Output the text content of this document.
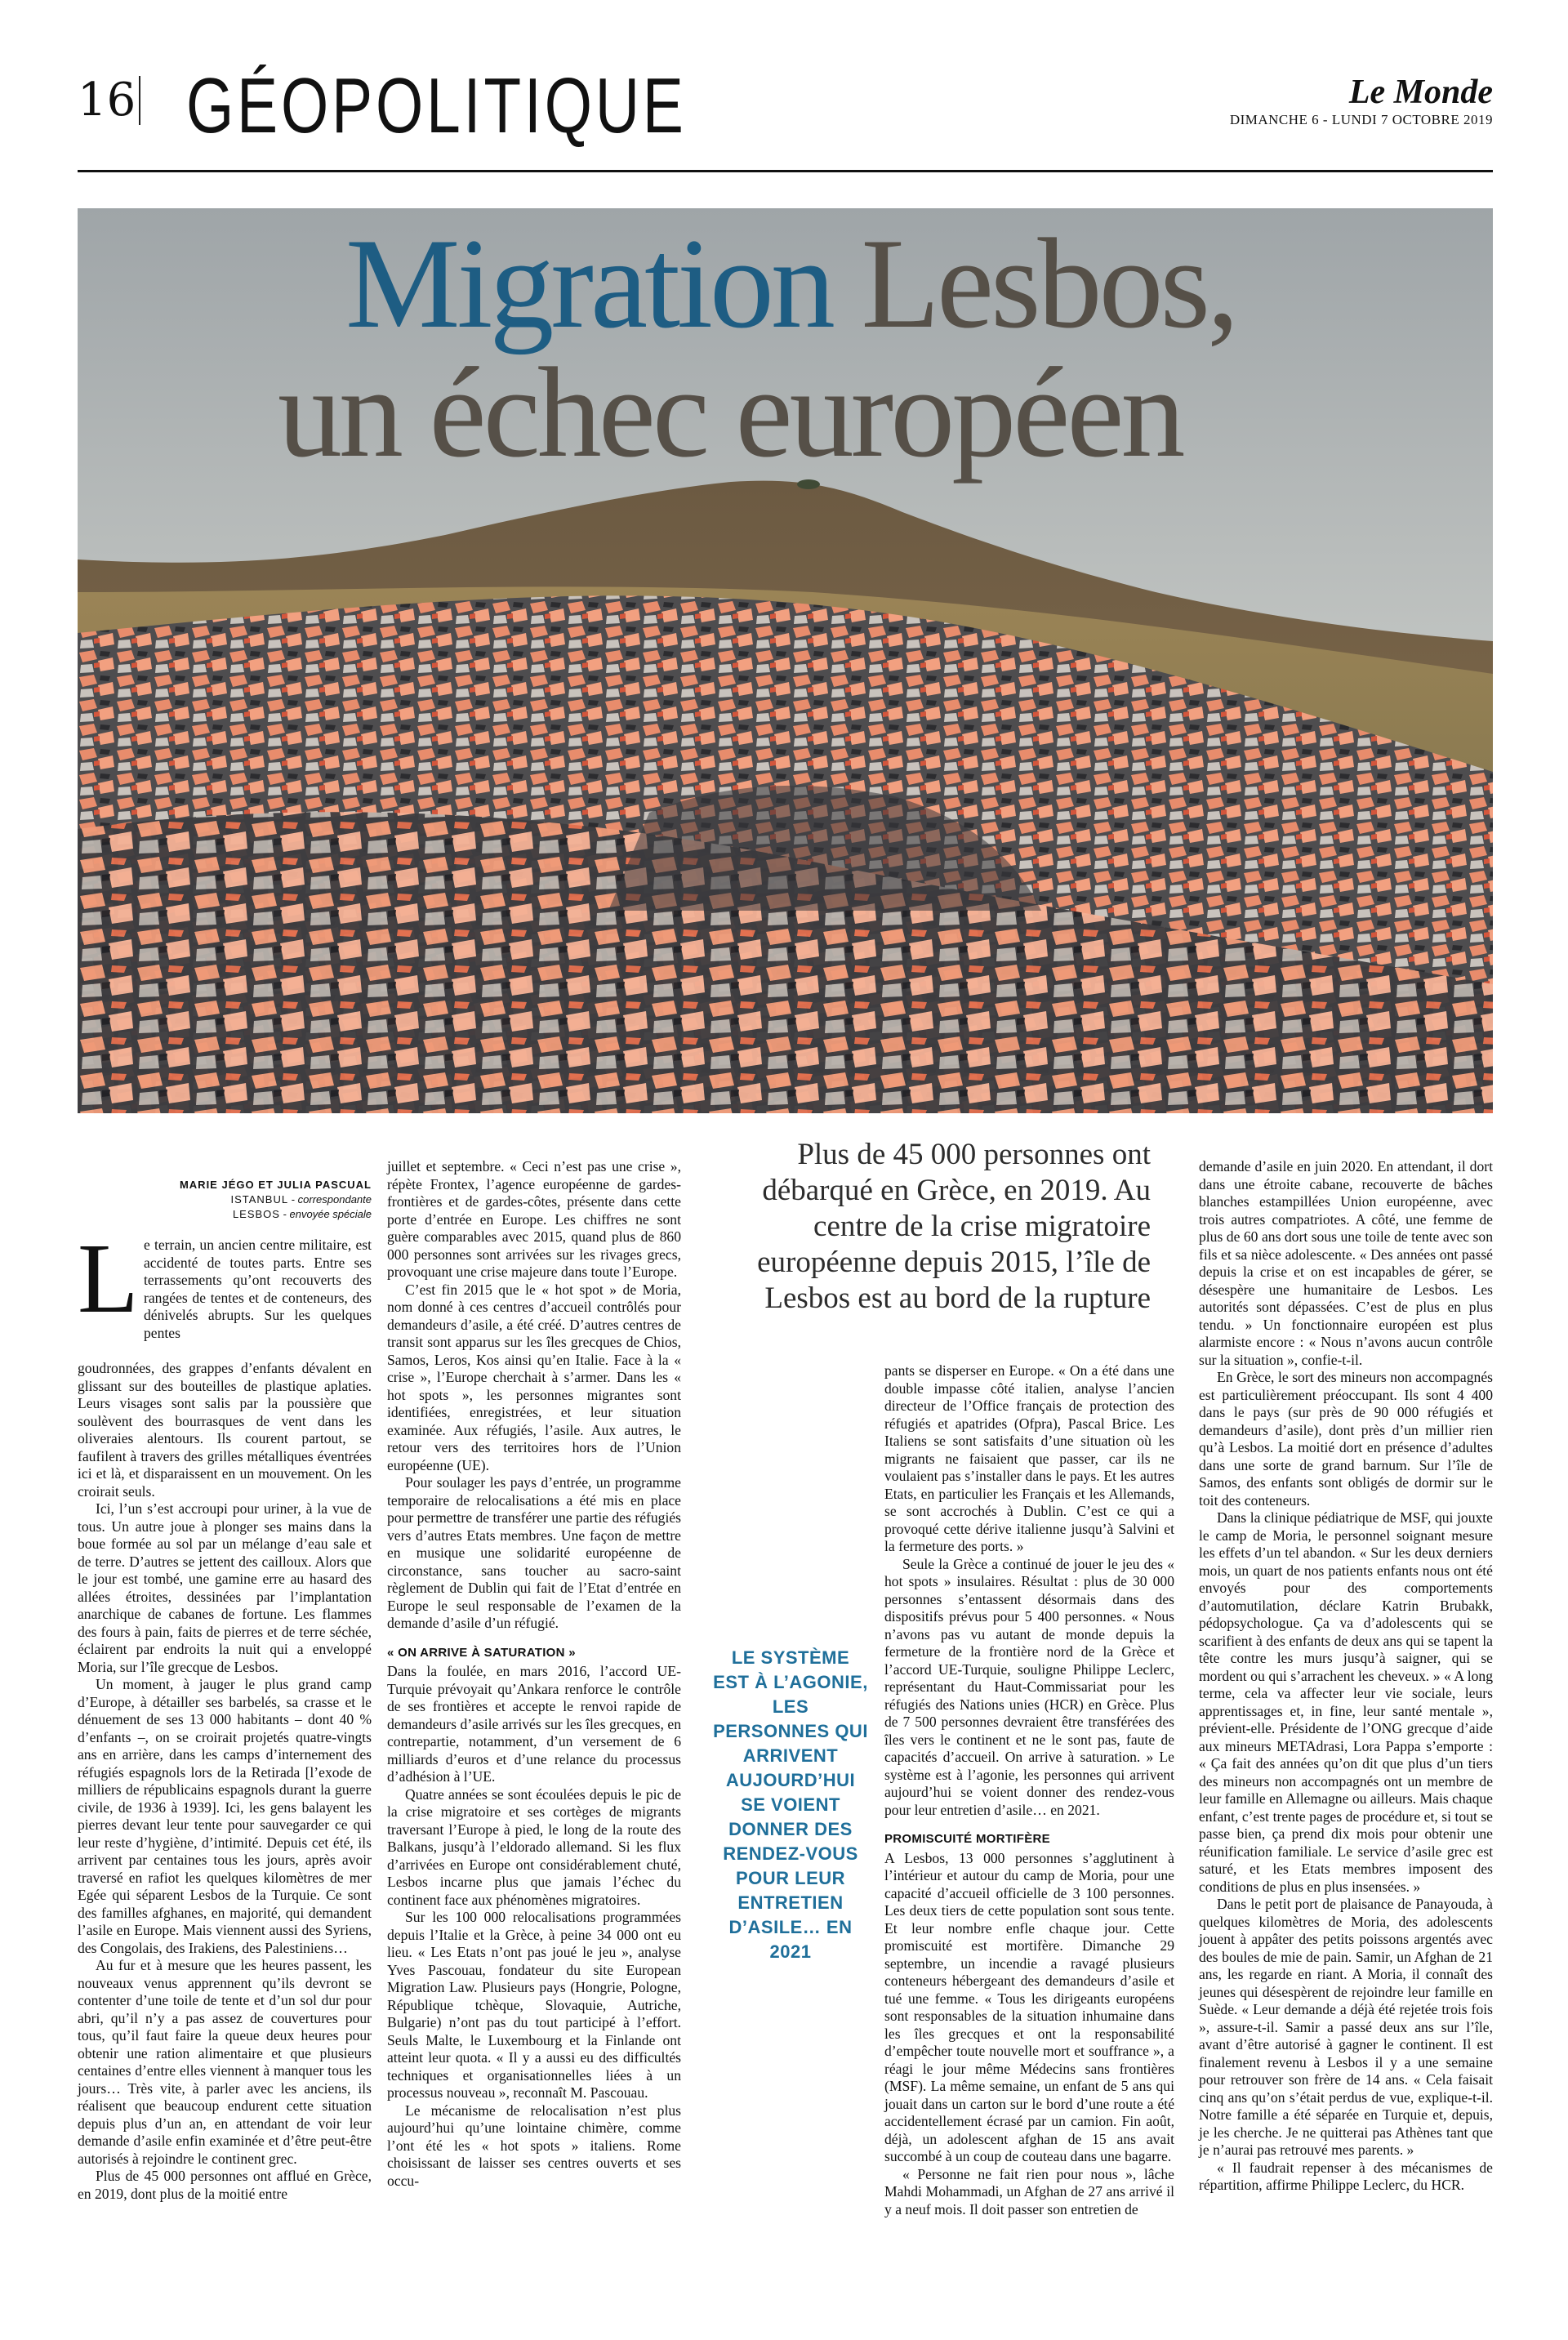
16 GÉOPOLITIQUE	Le Monde
DIMANCHE 6 - LUNDI 7 OCTOBRE 2019
Migration Lesbos,
un échec européen
MARIE JÉGO ET JULIA PASCUAL
ISTANBUL - correspondante
LESBOS - envoyée spéciale
Plus de 45 000 personnes ont débarqué en Grèce, en 2019. Au centre de la crise migratoire européenne depuis 2015, l’île de Lesbos est au bord de la rupture
LE SYSTÈME EST À L’AGONIE, LES PERSONNES QUI ARRIVENT AUJOURD’HUI SE VOIENT DONNER DES RENDEZ-VOUS POUR LEUR ENTRETIEN D’ASILE… EN 2021
L e terrain, un ancien centre militaire, est accidenté de toutes parts. Entre ses terrassements qu’ont recouverts des rangées de tentes et de conteneurs, des dénivelés abrupts. Sur les quelques pentes

goudronnées, des grappes d’enfants dévalent en glissant sur des bouteilles de plastique aplaties. Leurs visages sont salis par la poussière que soulèvent des bourrasques de vent dans les oliveraies alentours. Ils courent partout, se faufilent à travers des grilles métalliques éventrées ici et là, et disparaissent en un mouvement. On les croirait seuls.

Ici, l’un s’est accroupi pour uriner, à la vue de tous. Un autre joue à plonger ses mains dans la boue formée au sol par un mélange d’eau sale et de terre. D’autres se jettent des cailloux. Alors que le jour est tombé, une gamine erre au hasard des allées étroites, dessinées par l’implantation anarchique de cabanes de fortune. Les flammes des fours à pain, faits de pierres et de terre séchée, éclairent par endroits la nuit qui a enveloppé Moria, sur l’île grecque de Lesbos.

Un moment, à jauger le plus grand camp d’Europe, à détailler ses barbelés, sa crasse et le dénuement de ses 13 000 habitants – dont 40 % d’enfants –, on se croirait projetés quatre-vingts ans en arrière, dans les camps d’internement des réfugiés espagnols lors de la Retirada [l’exode de milliers de républicains espagnols durant la guerre civile, de 1936 à 1939]. Ici, les gens balayent les pierres devant leur tente pour sauvegarder ce qui leur reste d’hygiène, d’intimité. Depuis cet été, ils arrivent par centaines tous les jours, après avoir traversé en rafiot les quelques kilomètres de mer Egée qui séparent Lesbos de la Turquie. Ce sont des familles afghanes, en majorité, qui demandent l’asile en Europe. Mais viennent aussi des Syriens, des Congolais, des Irakiens, des Palestiniens…

Au fur et à mesure que les heures passent, les nouveaux venus apprennent qu’ils devront se contenter d’une toile de tente et d’un sol dur pour abri, qu’il n’y a pas assez de couvertures pour tous, qu’il faut faire la queue deux heures pour obtenir une ration alimentaire et que plusieurs centaines d’entre elles viennent à manquer tous les jours… Très vite, à parler avec les anciens, ils réalisent que beaucoup endurent cette situation depuis plus d’un an, en attendant de voir leur demande d’asile enfin examinée et d’être peut-être autorisés à rejoindre le continent grec.

Plus de 45 000 personnes ont afflué en Grèce, en 2019, dont plus de la moitié entre

juillet et septembre. « Ceci n’est pas une crise », répète Frontex, l’agence européenne de gardes-frontières et de gardes-côtes, présente dans cette porte d’entrée en Europe. Les chiffres ne sont guère comparables avec 2015, quand plus de 860 000 personnes sont arrivées sur les rivages grecs, provoquant une crise majeure dans toute l’Europe.

C’est fin 2015 que le « hot spot » de Moria, nom donné à ces centres d’accueil contrôlés pour demandeurs d’asile, a été créé. D’autres centres de transit sont apparus sur les îles grecques de Chios, Samos, Leros, Kos ainsi qu’en Italie. Face à la « crise », l’Europe cherchait à s’armer. Dans les « hot spots », les personnes migrantes sont identifiées, enregistrées, et leur situation examinée. Aux réfugiés, l’asile. Aux autres, le retour vers des territoires hors de l’Union européenne (UE).

Pour soulager les pays d’entrée, un programme temporaire de relocalisations a été mis en place pour permettre de transférer une partie des réfugiés vers d’autres Etats membres. Une façon de mettre en musique une solidarité européenne de circonstance, sans toucher au sacro-saint règlement de Dublin qui fait de l’Etat d’entrée en Europe le seul responsable de l’examen de la demande d’asile d’un réfugié.

« ON ARRIVE À SATURATION »

Dans la foulée, en mars 2016, l’accord UE-Turquie prévoyait qu’Ankara renforce le contrôle de ses frontières et accepte le renvoi rapide de demandeurs d’asile arrivés sur les îles grecques, en contrepartie, notamment, d’un versement de 6 milliards d’euros et d’une relance du processus d’adhésion à l’UE.

Quatre années se sont écoulées depuis le pic de la crise migratoire et ses cortèges de migrants traversant l’Europe à pied, le long de la route des Balkans, jusqu’à l’eldorado allemand. Si les flux d’arrivées en Europe ont considérablement chuté, Lesbos incarne plus que jamais l’échec du continent face aux phénomènes migratoires.

Sur les 100 000 relocalisations programmées depuis l’Italie et la Grèce, à peine 34 000 ont eu lieu. « Les Etats n’ont pas joué le jeu », analyse Yves Pascouau, fondateur du site European Migration Law. Plusieurs pays (Hongrie, Pologne, République tchèque, Slovaquie, Autriche, Bulgarie) n’ont pas du tout participé à l’effort. Seuls Malte, le Luxembourg et la Finlande ont atteint leur quota. « Il y a aussi eu des difficultés techniques et organisationnelles liées à un processus nouveau », reconnaît M. Pascouau.

Le mécanisme de relocalisation n’est plus aujourd’hui qu’une lointaine chimère, comme l’ont été les « hot spots » italiens. Rome choisissant de laisser ses centres ouverts et ses occu-

pants se disperser en Europe. « On a été dans une double impasse côté italien, analyse l’ancien directeur de l’Office français de protection des réfugiés et apatrides (Ofpra), Pascal Brice. Les Italiens se sont satisfaits d’une situation où les migrants ne faisaient que passer, car ils ne voulaient pas s’installer dans le pays. Et les autres Etats, en particulier les Français et les Allemands, se sont accrochés à Dublin. C’est ce qui a provoqué cette dérive italienne jusqu’à Salvini et la fermeture des ports. »

Seule la Grèce a continué de jouer le jeu des « hot spots » insulaires. Résultat : plus de 30 000 personnes s’entassent désormais dans des dispositifs prévus pour 5 400 personnes. « Nous n’avons pas vu autant de monde depuis la fermeture de la frontière nord de la Grèce et l’accord UE-Turquie, souligne Philippe Leclerc, représentant du Haut-Commissariat pour les réfugiés des Nations unies (HCR) en Grèce. Plus de 7 500 personnes devraient être transférées des îles vers le continent et ne le sont pas, faute de capacités d’accueil. On arrive à saturation. » Le système est à l’agonie, les personnes qui arrivent aujourd’hui se voient donner des rendez-vous pour leur entretien d’asile… en 2021.

PROMISCUITÉ MORTIFÈRE

A Lesbos, 13 000 personnes s’agglutinent à l’intérieur et autour du camp de Moria, pour une capacité d’accueil officielle de 3 100 personnes. Les deux tiers de cette population sont sous tente. Et leur nombre enfle chaque jour. Cette promiscuité est mortifère. Dimanche 29 septembre, un incendie a ravagé plusieurs conteneurs hébergeant des demandeurs d’asile et tué une femme. « Tous les dirigeants européens sont responsables de la situation inhumaine dans les îles grecques et ont la responsabilité d’empêcher toute nouvelle mort et souffrance », a réagi le jour même Médecins sans frontières (MSF). La même semaine, un enfant de 5 ans qui jouait dans un carton sur le bord d’une route a été accidentellement écrasé par un camion. Fin août, déjà, un adolescent afghan de 15 ans avait succombé à un coup de couteau dans une bagarre.

« Personne ne fait rien pour nous », lâche Mahdi Mohammadi, un Afghan de 27 ans arrivé il y a neuf mois. Il doit passer son entretien de

demande d’asile en juin 2020. En attendant, il dort dans une étroite cabane, recouverte de bâches blanches estampillées Union européenne, avec trois autres compatriotes. A côté, une femme de plus de 60 ans dort sous une toile de tente avec son fils et sa nièce adolescente. « Des années ont passé depuis la crise et on est incapables de gérer, se désespère une humanitaire de Lesbos. Les autorités sont dépassées. C’est de plus en plus tendu. » Un fonctionnaire européen est plus alarmiste encore : « Nous n’avons aucun contrôle sur la situation », confie-t-il.

En Grèce, le sort des mineurs non accompagnés est particulièrement préoccupant. Ils sont 4 400 dans le pays (sur près de 90 000 réfugiés et demandeurs d’asile), dont près d’un millier rien qu’à Lesbos. La moitié dort en présence d’adultes dans une sorte de grand barnum. Sur l’île de Samos, des enfants sont obligés de dormir sur le toit des conteneurs.

Dans la clinique pédiatrique de MSF, qui jouxte le camp de Moria, le personnel soignant mesure les effets d’un tel abandon. « Sur les deux derniers mois, un quart de nos patients enfants nous ont été envoyés pour des comportements d’automutilation, déclare Katrin Brubakk, pédopsychologue. Ça va d’adolescents qui se scarifient à des enfants de deux ans qui se tapent la tête contre les murs jusqu’à saigner, qui se mordent ou qui s’arrachent les cheveux. » « A long terme, cela va affecter leur vie sociale, leurs apprentissages et, in fine, leur santé mentale », prévient-elle. Présidente de l’ONG grecque d’aide aux mineurs METAdrasi, Lora Pappa s’emporte : « Ça fait des années qu’on dit que plus d’un tiers des mineurs non accompagnés ont un membre de leur famille en Allemagne ou ailleurs. Mais chaque enfant, c’est trente pages de procédure et, si tout se passe bien, ça prend dix mois pour obtenir une réunification familiale. Le service d’asile grec est saturé, et les Etats membres imposent des conditions de plus en plus insensées. »

Dans le petit port de plaisance de Panayouda, à quelques kilomètres de Moria, des adolescents jouent à appâter des petits poissons argentés avec des boules de mie de pain. Samir, un Afghan de 21 ans, les regarde en riant. A Moria, il connaît des jeunes qui désespèrent de rejoindre leur famille en Suède. « Leur demande a déjà été rejetée trois fois », assure-t-il. Samir a passé deux ans sur l’île, avant d’être autorisé à gagner le continent. Il est finalement revenu à Lesbos il y a une semaine pour retrouver son frère de 14 ans. « Cela faisait cinq ans qu’on s’était perdus de vue, explique-t-il. Notre famille a été séparée en Turquie et, depuis, je les cherche. Je ne quitterai pas Athènes tant que je n’aurai pas retrouvé mes parents. »

« Il faudrait repenser à des mécanismes de répartition, affirme Philippe Leclerc, du HCR.
